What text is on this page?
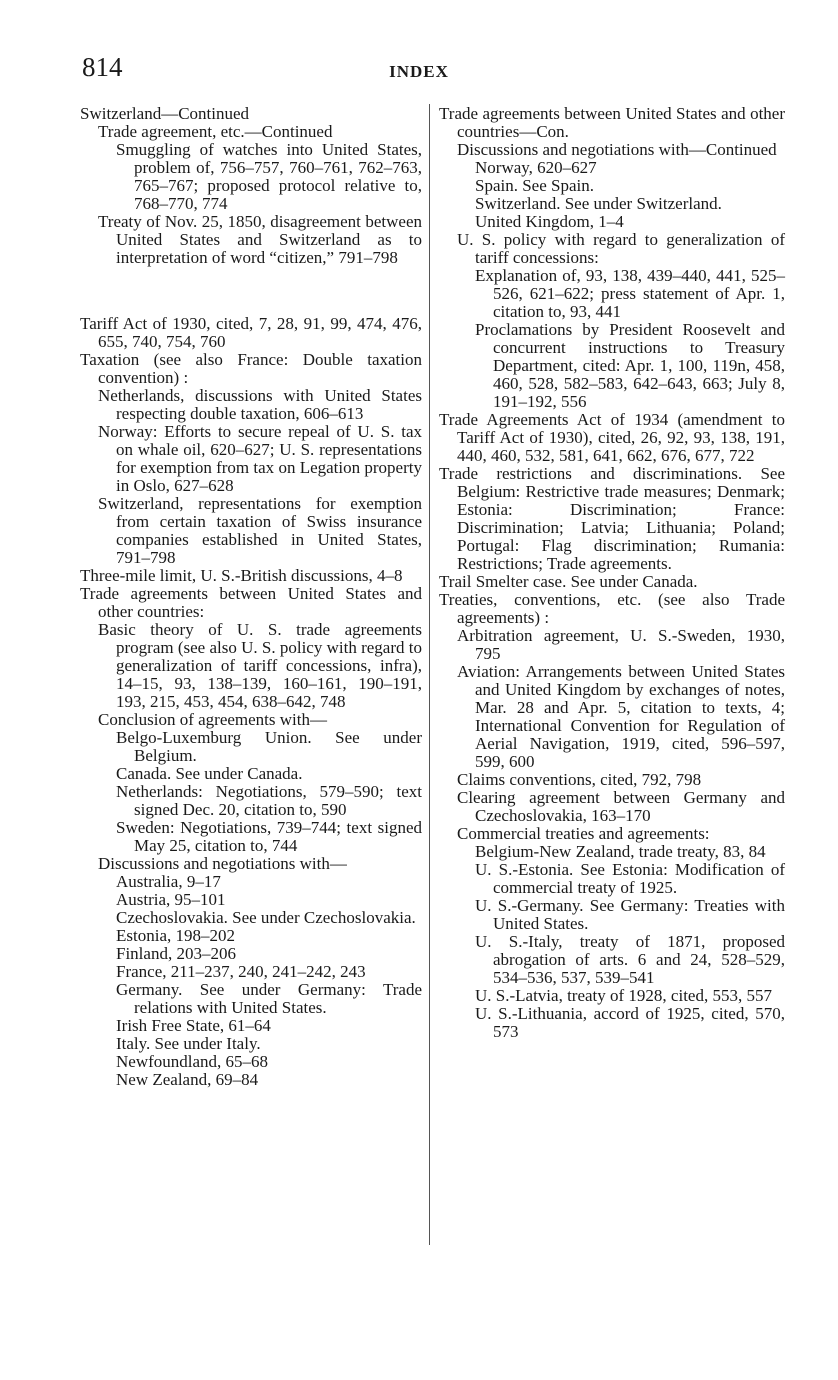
814	INDEX

Switzerland—Continued

Trade agreement, etc.—Continued

Smuggling of watches into United States, problem of, 756–757, 760–761, 762–763, 765–767; proposed protocol relative to, 768–770, 774

Treaty of Nov. 25, 1850, disagreement between United States and Switzerland as to interpretation of word “citizen,” 791–798

Tariff Act of 1930, cited, 7, 28, 91, 99, 474, 476, 655, 740, 754, 760

Taxation (see also France: Double taxation convention) :

Netherlands, discussions with United States respecting double taxation, 606–613

Norway: Efforts to secure repeal of U. S. tax on whale oil, 620–627; U. S. representations for exemption from tax on Legation property in Oslo, 627–628

Switzerland, representations for exemption from certain taxation of Swiss insurance companies established in United States, 791–798

Three-mile limit, U. S.-British discussions, 4–8

Trade agreements between United States and other countries:

Basic theory of U. S. trade agreements program (see also U. S. policy with regard to generalization of tariff concessions, infra), 14–15, 93, 138–139, 160–161, 190–191, 193, 215, 453, 454, 638–642, 748

Conclusion of agreements with—

Belgo-Luxemburg Union. See under Belgium.

Canada. See under Canada.

Netherlands: Negotiations, 579–590; text signed Dec. 20, citation to, 590

Sweden: Negotiations, 739–744; text signed May 25, citation to, 744

Discussions and negotiations with—

Australia, 9–17

Austria, 95–101

Czechoslovakia. See under Czechoslovakia.

Estonia, 198–202

Finland, 203–206

France, 211–237, 240, 241–242, 243

Germany. See under Germany: Trade relations with United States.

Irish Free State, 61–64

Italy. See under Italy.

Newfoundland, 65–68

New Zealand, 69–84

Trade agreements between United States and other countries—Con.

Discussions and negotiations with—Continued

Norway, 620–627

Spain. See Spain.

Switzerland. See under Switzerland.

United Kingdom, 1–4

U. S. policy with regard to generalization of tariff concessions:

Explanation of, 93, 138, 439–440, 441, 525–526, 621–622; press statement of Apr. 1, citation to, 93, 441

Proclamations by President Roosevelt and concurrent instructions to Treasury Department, cited: Apr. 1, 100, 119n, 458, 460, 528, 582–583, 642–643, 663; July 8, 191–192, 556

Trade Agreements Act of 1934 (amendment to Tariff Act of 1930), cited, 26, 92, 93, 138, 191, 440, 460, 532, 581, 641, 662, 676, 677, 722

Trade restrictions and discriminations. See Belgium: Restrictive trade measures; Denmark; Estonia: Discrimination; France: Discrimination; Latvia; Lithuania; Poland; Portugal: Flag discrimination; Rumania: Restrictions; Trade agreements.

Trail Smelter case. See under Canada.

Treaties, conventions, etc. (see also Trade agreements) :

Arbitration agreement, U. S.-Sweden, 1930, 795

Aviation: Arrangements between United States and United Kingdom by exchanges of notes, Mar. 28 and Apr. 5, citation to texts, 4; International Convention for Regulation of Aerial Navigation, 1919, cited, 596–597, 599, 600

Claims conventions, cited, 792, 798

Clearing agreement between Germany and Czechoslovakia, 163–170

Commercial treaties and agreements:

Belgium-New Zealand, trade treaty, 83, 84

U. S.-Estonia. See Estonia: Modification of commercial treaty of 1925.

U. S.-Germany. See Germany: Treaties with United States.

U. S.-Italy, treaty of 1871, proposed abrogation of arts. 6 and 24, 528–529, 534–536, 537, 539–541

U. S.-Latvia, treaty of 1928, cited, 553, 557

U. S.-Lithuania, accord of 1925, cited, 570, 573
